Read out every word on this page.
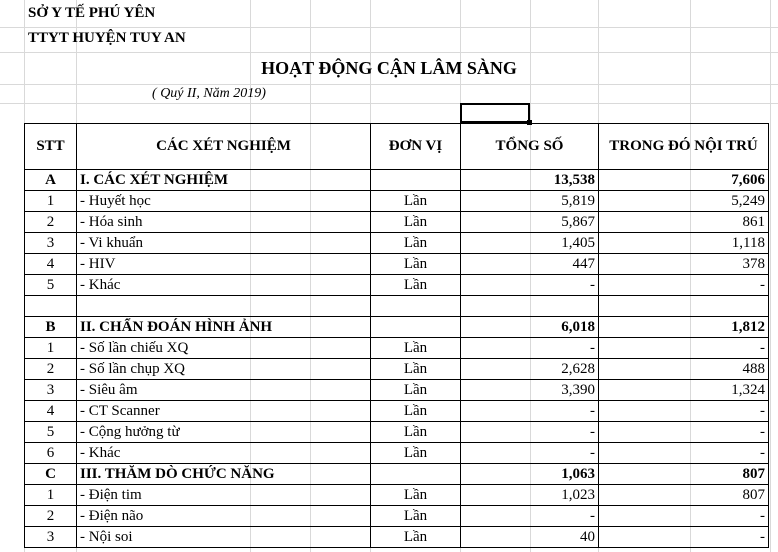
SỞ Y TẾ PHÚ YÊN
TTYT HUYỆN TUY AN
HOẠT ĐỘNG CẬN LÂM SÀNG
( Quý II, Năm 2019)
STT	CÁC XÉT NGHIỆM	ĐƠN VỊ	TỔNG SỐ	TRONG ĐÓ NỘI TRÚ
A	I. CÁC XÉT NGHIỆM		13,538	7,606
1	- Huyết học	Lần	5,819	5,249
2	- Hóa sinh	Lần	5,867	861
3	- Vi khuẩn	Lần	1,405	1,118
4	- HIV	Lần	447	378
5	- Khác	Lần	-	-

B	II. CHẨN ĐOÁN HÌNH ẢNH		6,018	1,812
1	- Số lần chiếu XQ	Lần	-	-
2	- Số lần chụp XQ	Lần	2,628	488
3	- Siêu âm	Lần	3,390	1,324
4	- CT Scanner	Lần	-	-
5	- Cộng hưởng từ	Lần	-	-
6	- Khác	Lần	-	-
C	III. THĂM DÒ CHỨC NĂNG		1,063	807
1	- Điện tim	Lần	1,023	807
2	- Điện não	Lần	-	-
3	- Nội soi	Lần	40	-
